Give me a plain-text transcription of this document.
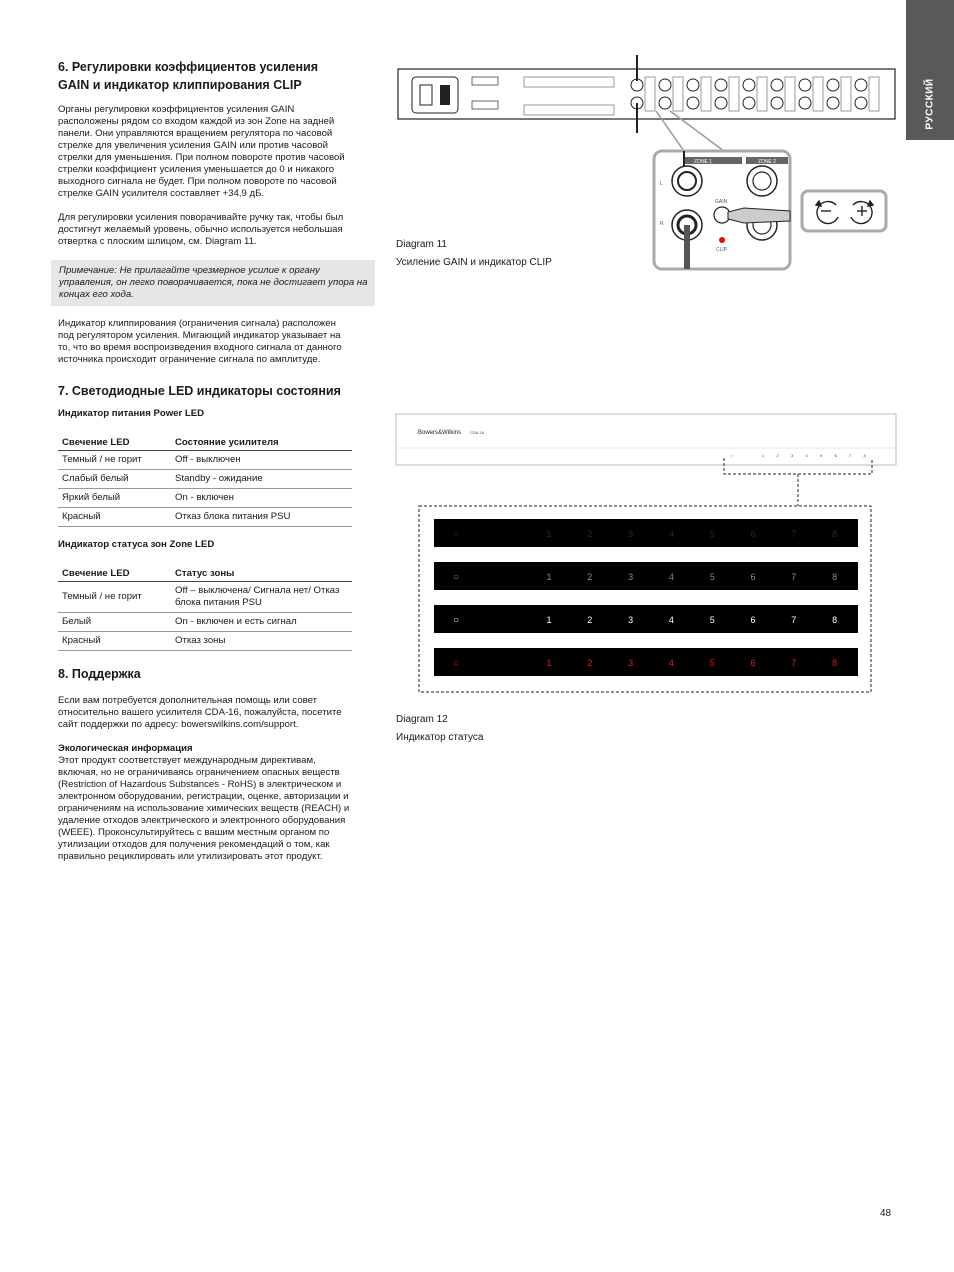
РУССКИЙ
6. Регулировки коэффициентов усиления GAIN и индикатор клиппирования CLIP

Органы регулировки коэффициентов усиления GAIN расположены рядом со входом каждой из зон Zone на задней панели. Они управляются вращением регулятора по часовой стрелке для увеличения усиления GAIN или против часовой стрелки для уменьшения. При полном повороте против часовой стрелки коэффициент усиления уменьшается до 0 и никакого выходного сигнала не будет. При полном повороте по часовой стрелке GAIN усилителя составляет +34,9 дБ.

Для регулировки усиления поворачивайте ручку так, чтобы был достигнут желаемый уровень, обычно используется небольшая отвертка с плоским шлицом, см. Diagram 11.

Примечание: Не прилагайте чрезмерное усилие к органу управления, он легко поворачивается, пока не достигает упора на концах его хода.

Индикатор клиппирования (ограничения сигнала) расположен под регулятором усиления. Мигающий индикатор указывает на то, что во время воспроизведения входного сигнала от данного источника происходит ограничение сигнала по амплитуде.

7. Светодиодные LED индикаторы состояния
Индикатор питания Power LED
Свечение LED	Состояние усилителя
Темный / не горит	Off - выключен
Слабый белый	Standby - ожидание
Яркий белый	On - включен
Красный	Отказ блока питания PSU
Индикатор статуса зон Zone LED
Свечение LED	Статус зоны
Темный / не горит	Off – выключена/ Сигнала нет/ Отказ блока питания PSU
Белый	On - включен и есть сигнал
Красный	Отказ зоны
8. Поддержка

Если вам потребуется дополнительная помощь или совет относительно вашего усилителя CDA-16, пожалуйста, посетите сайт поддержки по адресу: bowerswilkins.com/support.

Экологическая информация

Этот продукт соответствует международным директивам, включая, но не ограничиваясь ограничением опасных веществ (Restriction of Hazardous Substances - RoHS) в электрическом и электронном оборудовании, регистрации, оценке, авторизации и ограничениям на использование химических веществ (REACH) и удаление отходов электрического и электронного оборудования (WEEE). Проконсультируйтесь с вашим местным органом по утилизации отходов для получения рекомендаций о том, как правильно рециклировать или утилизировать этот продукт.

ZONE 1	ZONE 2
L
R
GAIN
CLIP
Diagram 11
Усиление GAIN и индикатор CLIP
Bowers&Wilkins CDA-16
○	1	2	3	4	5	6	7	8
○	1	2	3	4	5	6	7	8
○	1	2	3	4	5	6	7	8
○	1	2	3	4	5	6	7	8
○	1	2	3	4	5	6	7	8
Diagram 12
Индикатор статуса
48
